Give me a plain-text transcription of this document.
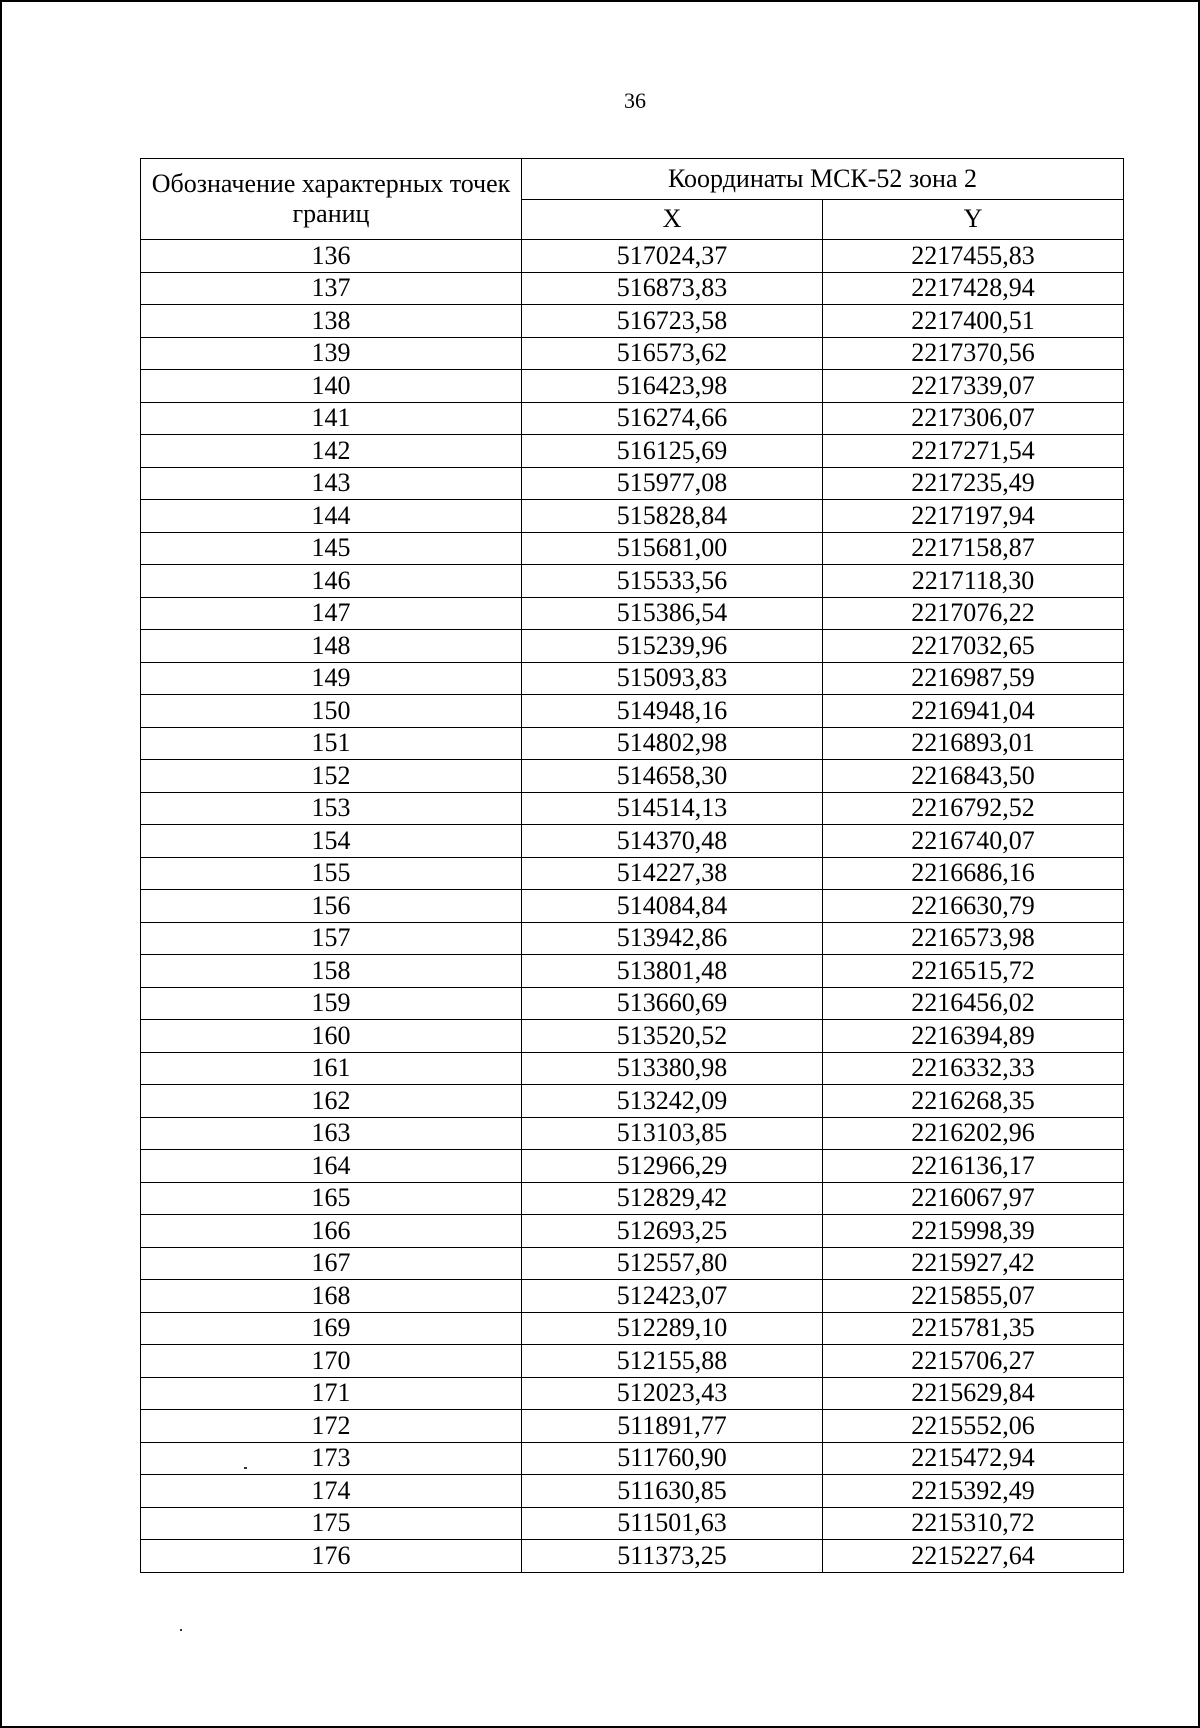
36
Обозначение характерных точек границ	Координаты МСК-52 зона 2	
	X	Y
136	517024,37	2217455,83
137	516873,83	2217428,94
138	516723,58	2217400,51
139	516573,62	2217370,56
140	516423,98	2217339,07
141	516274,66	2217306,07
142	516125,69	2217271,54
143	515977,08	2217235,49
144	515828,84	2217197,94
145	515681,00	2217158,87
146	515533,56	2217118,30
147	515386,54	2217076,22
148	515239,96	2217032,65
149	515093,83	2216987,59
150	514948,16	2216941,04
151	514802,98	2216893,01
152	514658,30	2216843,50
153	514514,13	2216792,52
154	514370,48	2216740,07
155	514227,38	2216686,16
156	514084,84	2216630,79
157	513942,86	2216573,98
158	513801,48	2216515,72
159	513660,69	2216456,02
160	513520,52	2216394,89
161	513380,98	2216332,33
162	513242,09	2216268,35
163	513103,85	2216202,96
164	512966,29	2216136,17
165	512829,42	2216067,97
166	512693,25	2215998,39
167	512557,80	2215927,42
168	512423,07	2215855,07
169	512289,10	2215781,35
170	512155,88	2215706,27
171	512023,43	2215629,84
172	511891,77	2215552,06
173	511760,90	2215472,94
174	511630,85	2215392,49
175	511501,63	2215310,72
176	511373,25	2215227,64
